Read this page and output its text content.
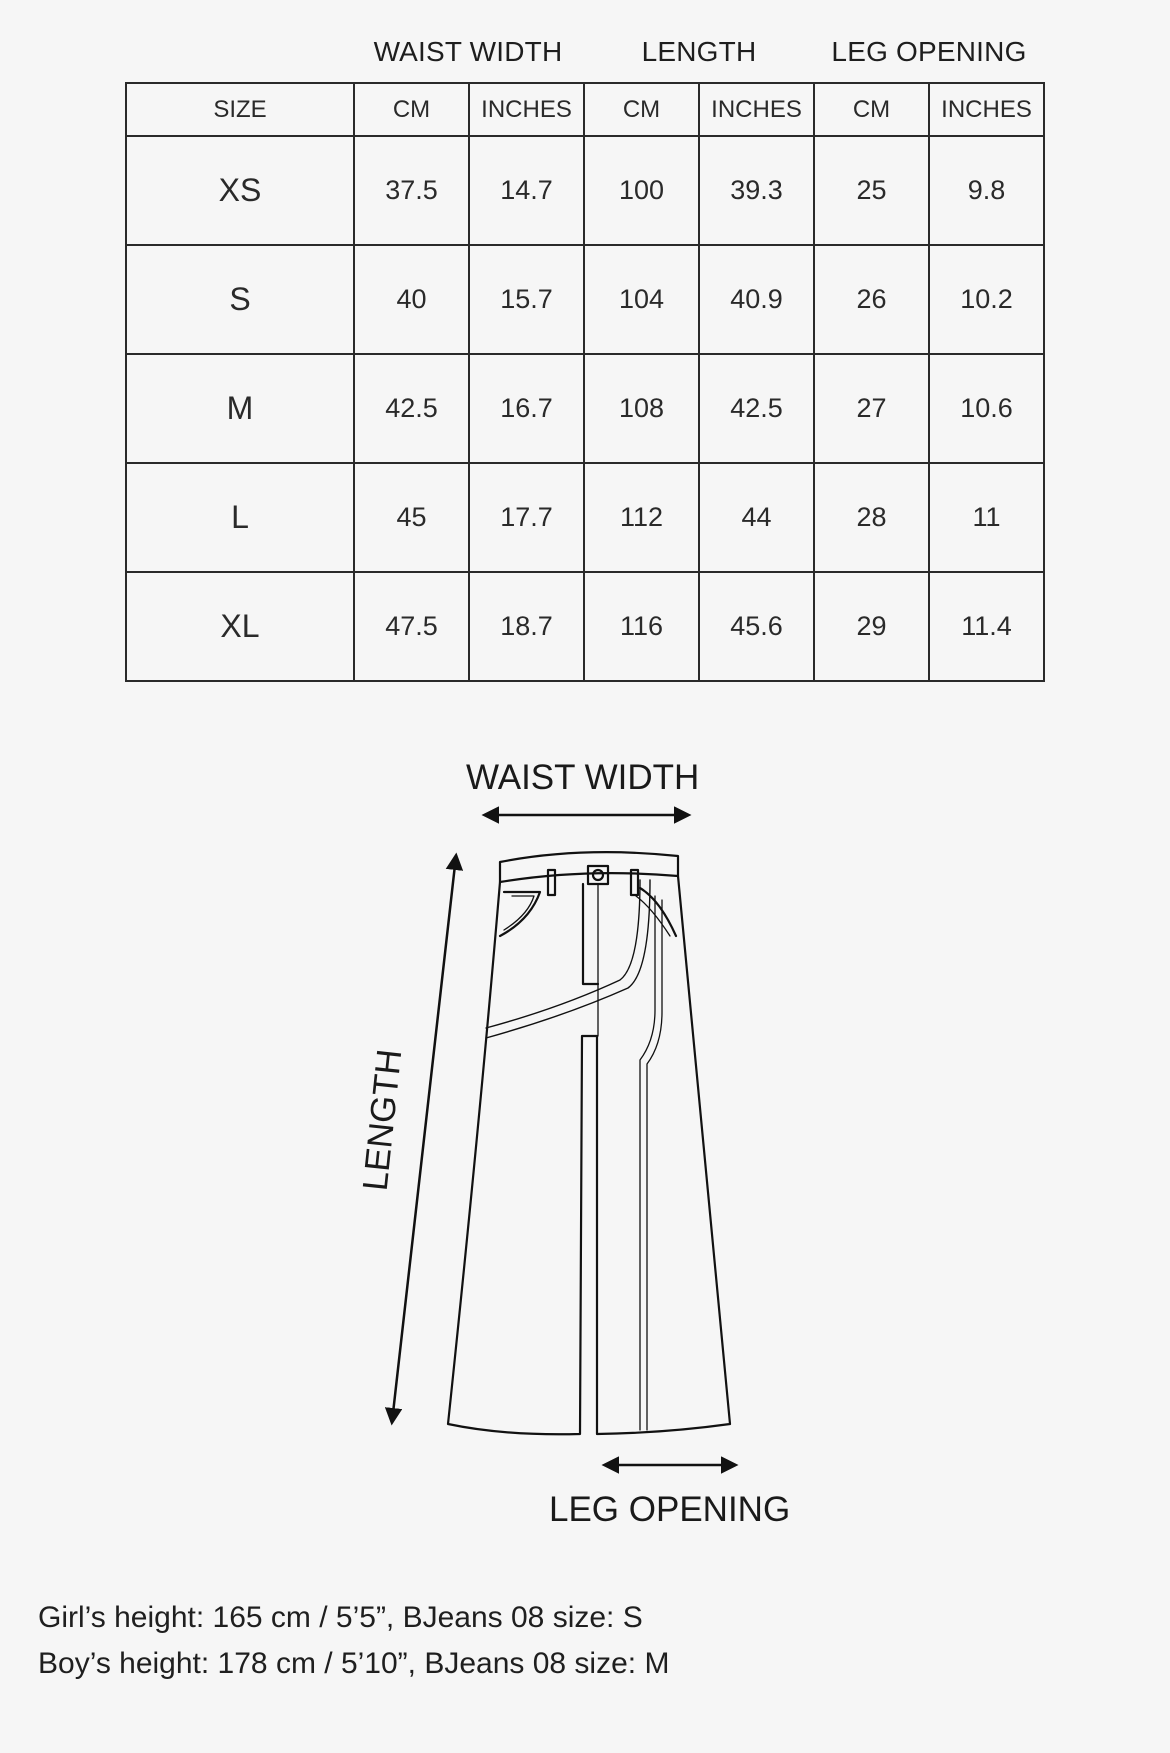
WAIST WIDTH	LENGTH	LEG OPENING
SIZE	CM	INCHES	CM	INCHES	CM	INCHES
XS	37.5	14.7	100	39.3	25	9.8
S	40	15.7	104	40.9	26	10.2
M	42.5	16.7	108	42.5	27	10.6
L	45	17.7	112	44	28	11
XL	47.5	18.7	116	45.6	29	11.4
WAIST WIDTH
LENGTH
LEG OPENING
Girl’s height: 165 cm / 5’5”, BJeans 08 size: S
Boy’s height: 178 cm / 5’10”, BJeans 08 size: M
